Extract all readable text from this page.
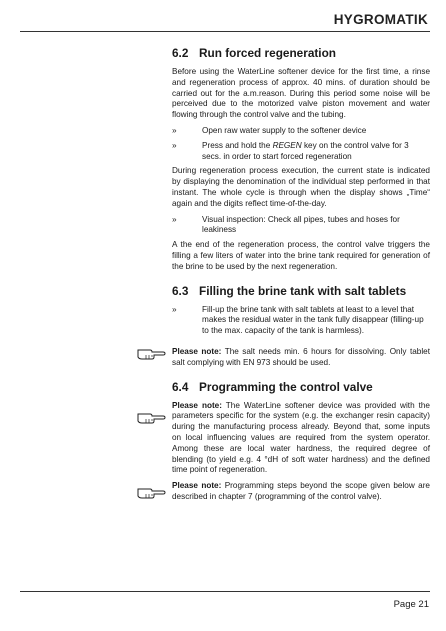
HYGROMATIK
6.2 Run forced regeneration

Before using the WaterLine softener device for the first time, a rinse and regeneration process of approx. 40 mins. of duration should be carried out for the a.m.reason. During this period some noise will be perceived due to the motorized valve piston movement and water flowing through the control valve and the tubing.

»	Open raw water supply to the softener device
»	Press and hold the REGEN key on the control valve for 3 secs. in order to start forced regeneration

During regeneration process execution, the current state is indicated by displaying the denomination of the individual step performed in that instant. The whole cycle is through when the display shows „Time“ again and the digits reflect time-of-the-day.

»	Visual inspection: Check all pipes, tubes and hoses for leakiness

A the end of the regeneration process, the control valve triggers the filling a few liters of water into the brine tank required for generation of the brine to be used by the next regeneration.

6.3 Filling the brine tank with salt tablets
»	Fill-up the brine tank with salt tablets at least to a level that makes the residual water in the tank fully disappear (filling-up to the max. capacity of the tank is harmless).

Please note: The salt needs min. 6 hours for dissolving. Only tablet salt complying with EN 973 should be used.

6.4 Programming the control valve

Please note: The WaterLine softener device was provided with the parameters specific for the system (e.g. the exchanger resin capacity) during the manufacturing process already. Beyond that, some inputs on local influencing values are required from the system operator. Among these are local water hardness, the required degree of blending (to yield e.g. 4 °dH of soft water hardness) and the defined time point of regeneration.

Please note: Programming steps beyond the scope given below are described in chapter 7 (programming of the control valve).

Page 21
